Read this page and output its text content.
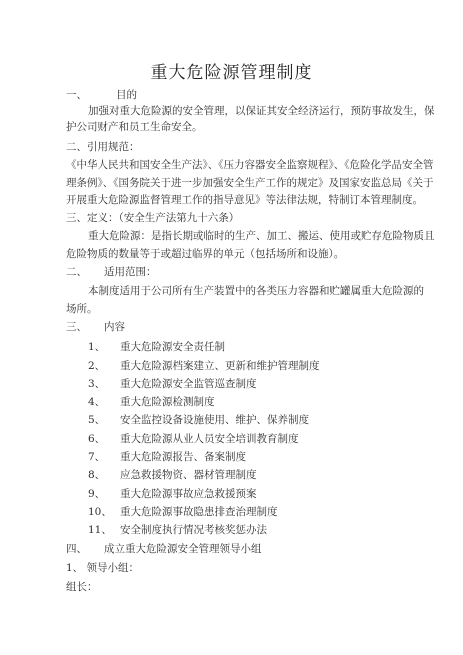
重大危险源管理制度
一、	目的
加强对重大危险源的安全管理，以保证其安全经济运行，预防事故发生，保
护公司财产和员工生命安全。
二、引用规范：
《中华人民共和国安全生产法》、《压力容器安全监察规程》、《危险化学品安全管
理条例》、《国务院关于进一步加强安全生产工作的规定》及国家安监总局《关于
开展重大危险源监督管理工作的指导意见》等法律法规，特制订本管理制度。
三、定义：（安全生产法第九十六条）
重大危险源：是指长期或临时的生产、加工、搬运、使用或贮存危险物质且
危险物质的数量等于或超过临界的单元（包括场所和设施）。
二、 适用范围：
本制度适用于公司所有生产装置中的各类压力容器和贮罐属重大危险源的
场所。
三、 内容
1、 重大危险源安全责任制
2、 重大危险源档案建立、更新和维护管理制度
3、 重大危险源安全监管巡查制度
4、 重大危险源检测制度
5、 安全监控设备设施使用、维护、保养制度
6、 重大危险源从业人员安全培训教育制度
7、 重大危险源报告、备案制度
8、 应急救援物资、器材管理制度
9、 重大危险源事故应急救援预案
10、 重大危险源事故隐患排查治理制度
11、 安全制度执行情况考核奖惩办法
四、 成立重大危险源安全管理领导小组
1、 领导小组：
组长：
